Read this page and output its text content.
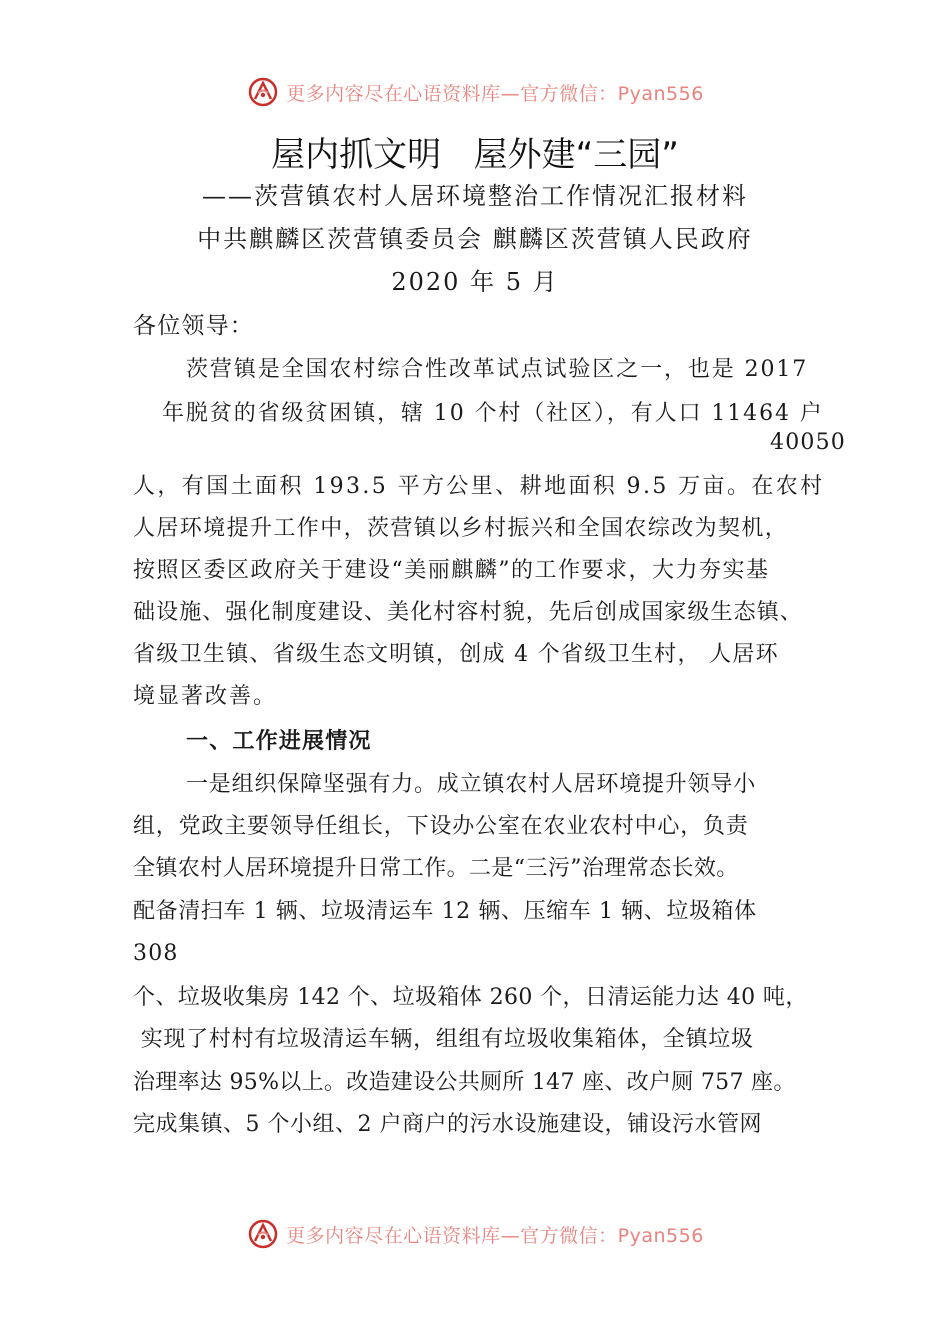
更多内容尽在心语资料库—官方微信：Pyan556
屋内抓文明   屋外建“三园”
——茨营镇农村人居环境整治工作情况汇报材料
中共麒麟区茨营镇委员会 麒麟区茨营镇人民政府
2020 年 5 月
各位领导：
茨营镇是全国农村综合性改革试点试验区之一，也是 2017
年脱贫的省级贫困镇，辖 10 个村（社区），有人口 11464 户
40050
人，有国土面积 193.5 平方公里、耕地面积 9.5 万亩。在农村
人居环境提升工作中，茨营镇以乡村振兴和全国农综改为契机，
按照区委区政府关于建设“美丽麒麟”的工作要求，大力夯实基
础设施、强化制度建设、美化村容村貌，先后创成国家级生态镇、
省级卫生镇、省级生态文明镇，创成 4 个省级卫生村， 人居环
境显著改善。
一、工作进展情况
一是组织保障坚强有力。成立镇农村人居环境提升领导小
组，党政主要领导任组长，下设办公室在农业农村中心，负责
全镇农村人居环境提升日常工作。二是“三污”治理常态长效。
配备清扫车 1 辆、垃圾清运车 12 辆、压缩车 1 辆、垃圾箱体
308
个、垃圾收集房 142 个、垃圾箱体 260 个，日清运能力达 40 吨，
实现了村村有垃圾清运车辆，组组有垃圾收集箱体，全镇垃圾
治理率达 95%以上。改造建设公共厕所 147 座、改户厕 757 座。
完成集镇、5 个小组、2 户商户的污水设施建设，铺设污水管网
更多内容尽在心语资料库—官方微信：Pyan556
